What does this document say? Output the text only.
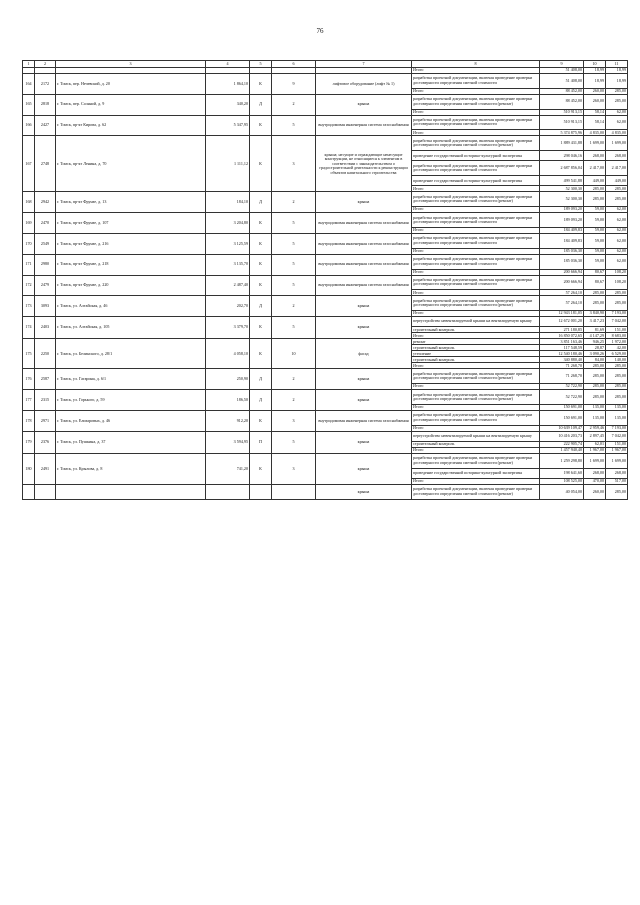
76
1	2	3	4	5	6	7	8	9	10	11
							Итого	51 408,00	18,99	18,99
164	2172	г. Томск, пер. Нечевский, д. 20	1 864,10	К	9	лифтовое оборудование (лифт № 1)	разработка проектной документации, включая проведение проверки достоверности определения сметной стоимости	51 408,00	18,99	18,99
							Итого	88 452,00	260,00	285,00
165	2818	г. Томск, пер. Соляной, д. 9	340,20	Д	2	крыша	разработка проектной документации, включая проведение проверки достоверности определения сметной стоимости (ремонт)	88 452,00	260,00	285,00
							Итого	510 913,15	58,14	62,00
166	2427	г. Томск, пр-кт Кирова, д. 62	5 347,95	К	5	внутридомовая инженерная система газоснабжения	разработка проектной документации, включая проведение проверки достоверности определения сметной стоимости	510 913,15	58,14	62,00
							Итого	5 374 875,96	4 835,00	4 835,00
167	2748	г. Томск, пр-кт Ленина, д. 70	1 111,12	К	3	крыша; несущие и ограждающие ненесущие конструкции, не относящиеся к элементам в соответствии с законодательством о градостроительной деятельности к реконструкции объектов капитального строительства	разработка проектной документации, включая проведение проверки достоверности определения сметной стоимости (ремонт)	1 889 431,88	1 699,00	1 699,00
							проведение государственной историко-культурной экспертизы	298 046,16	268,00	268,00
							разработка проектной документации, включая проведение проверки достоверности определения сметной стоимости	2 687 856,04	2 417,00	2 417,00
							проведение государственной историко-культурной экспертизы	499 541,88	449,00	449,00
							Итого	52 300,30	285,00	285,00
168	2942	г. Томск, пр-кт Фрунзе, д. 13	184,10	Д	2	крыша	разработка проектной документации, включая проведение проверки достоверности определения сметной стоимости (ремонт)	52 300,30	285,00	285,00
							Итого	189 093,20	59,00	62,00
169	2470	г. Томск, пр-кт Фрунзе, д. 107	3 204,80	К	5	внутридомовая инженерная система газоснабжения	разработка проектной документации, включая проведение проверки достоверности определения сметной стоимости	189 093,20	59,00	62,00
							Итого	184 409,83	59,00	62,00
170	2549	г. Томск, пр-кт Фрунзе, д. 216	3 125,59	К	5	внутридомовая инженерная система газоснабжения	разработка проектной документации, включая проведение проверки достоверности определения сметной стоимости	184 409,83	59,00	62,00
							Итого	185 036,30	59,00	62,00
171	2980	г. Томск, пр-кт Фрунзе, д. 218	3 135,70	К	5	внутридомовая инженерная система газоснабжения	разработка проектной документации, включая проведение проверки достоверности определения сметной стоимости	185 036,30	59,00	62,00
							Итого	200 666,94	80,67	108,20
172	2479	г. Томск, пр-кт Фрунзе, д. 220	2 487,40	К	5	внутридомовая инженерная система газоснабжения	разработка проектной документации, включая проведение проверки достоверности определения сметной стоимости	200 666,94	80,67	108,20
							Итого	57 264,10	285,00	285,00
173	3093	г. Томск, ул. Алтайская, д. 46	202,70	Д	2	крыша	разработка проектной документации, включая проведение проверки достоверности определения сметной стоимости (ремонт)	57 264,10	285,00	285,00
							Итого	12 943 181,05	3 840,90	7 193,00
174	2403	г. Томск, ул. Алтайская, д. 105	3 379,70	К	5	крыша	переустройство невентилируемой крыши на вентилируемую крышу	12 672 001,20	3 417,23	7 042,00
							строительный контроль	271 180,85	81,69	151,00
							Итого	16 850 072,65	4 147,29	8 683,00
175	2250	г. Томск, ул. Белинского, д. 28/1	4 058,10	К	10	фасад	ремонт	3 851 163,46	946,25	1 972,00
							строительный контроль	117 548,59	28,87	42,00
							утепление	12 540 180,46	3 090,26	6 529,00
							строительный контроль	340 880,40	84,00	140,00
							Итого	71 268,70	285,00	285,00
176	2587	г. Томск, ул. Гагарина, д. 6/1	250,90	Д	2	крыша	разработка проектной документации, включая проведение проверки достоверности определения сметной стоимости (ремонт)	71 268,70	285,00	285,00
							Итого	52 722,90	285,00	285,00
177	2315	г. Томск, ул. Горького, д. 59	186,50	Д	2	крыша	разработка проектной документации, включая проведение проверки достоверности определения сметной стоимости (ремонт)	52 722,90	285,00	285,00
							Итого	150 691,00	135,00	135,00
178	2971	г. Томск, ул. Елизаровых, д. 46	912,20	К	3	внутридомовая инженерная система газоснабжения	разработка проектной документации, включая проведение проверки достоверности определения сметной стоимости	150 691,00	135,00	135,00
							Итого	10 639 109,47	2 959,46	7 193,00
179	2376	г. Томск, ул. Пушкина, д. 37	3 594,95	П	5	крыша	переустройство невентилируемой крыши на вентилируемую крышу	10 416 203,73	2 897,45	7 042,00
							строительный контроль	222 905,74	62,01	151,00
							Итого	1 457 940,40	1 967,00	1 967,00
180	2491	г. Томск, ул. Крылова, д. 8	741,20	К	3	крыша	разработка проектной документации, включая проведение проверки достоверности определения сметной стоимости (ремонт)	1 259 298,80	1 699,00	1 699,00
							проведение государственной историко-культурной экспертизы	198 641,60	268,00	268,00
							Итого	108 525,00	470,00	517,00
						крыша	разработка проектной документации, включая проведение проверки достоверности определения сметной стоимости (ремонт)	40 054,00	260,00	285,00
